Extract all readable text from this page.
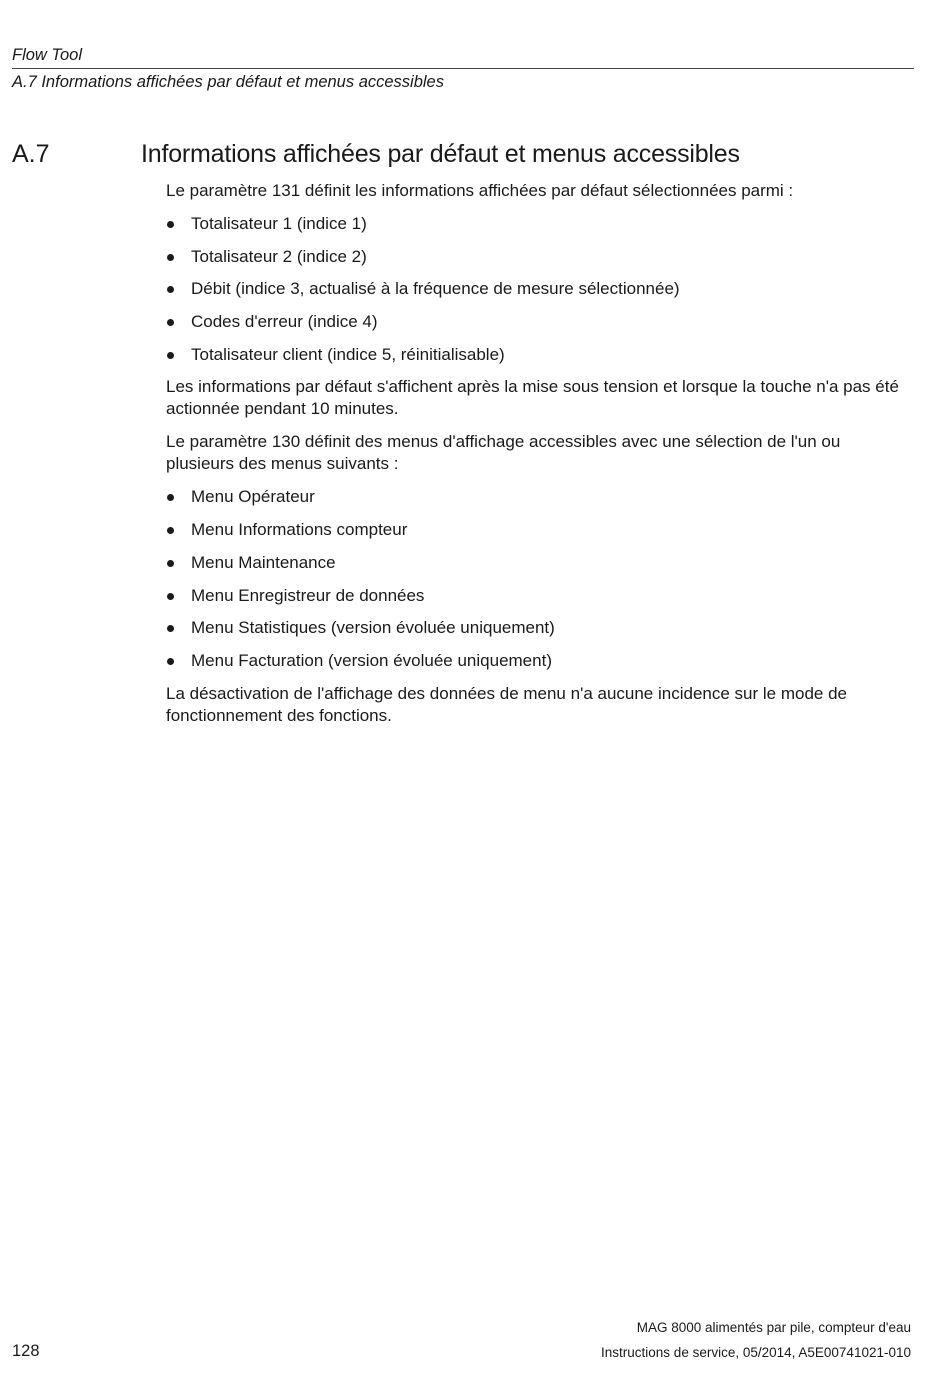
Flow Tool
A.7 Informations affichées par défaut et menus accessibles
A.7	Informations affichées par défaut et menus accessibles

Le paramètre 131 définit les informations affichées par défaut sélectionnées parmi :

Totalisateur 1 (indice 1)
Totalisateur 2 (indice 2)
Débit (indice 3, actualisé à la fréquence de mesure sélectionnée)
Codes d'erreur (indice 4)
Totalisateur client (indice 5, réinitialisable)

Les informations par défaut s'affichent après la mise sous tension et lorsque la touche n'a pas été actionnée pendant 10 minutes.

Le paramètre 130 définit des menus d'affichage accessibles avec une sélection de l'un ou plusieurs des menus suivants :

Menu Opérateur
Menu Informations compteur
Menu Maintenance
Menu Enregistreur de données
Menu Statistiques (version évoluée uniquement)
Menu Facturation (version évoluée uniquement)

La désactivation de l'affichage des données de menu n'a aucune incidence sur le mode de fonctionnement des fonctions.

MAG 8000 alimentés par pile, compteur d'eau
128	Instructions de service, 05/2014, A5E00741021-010
